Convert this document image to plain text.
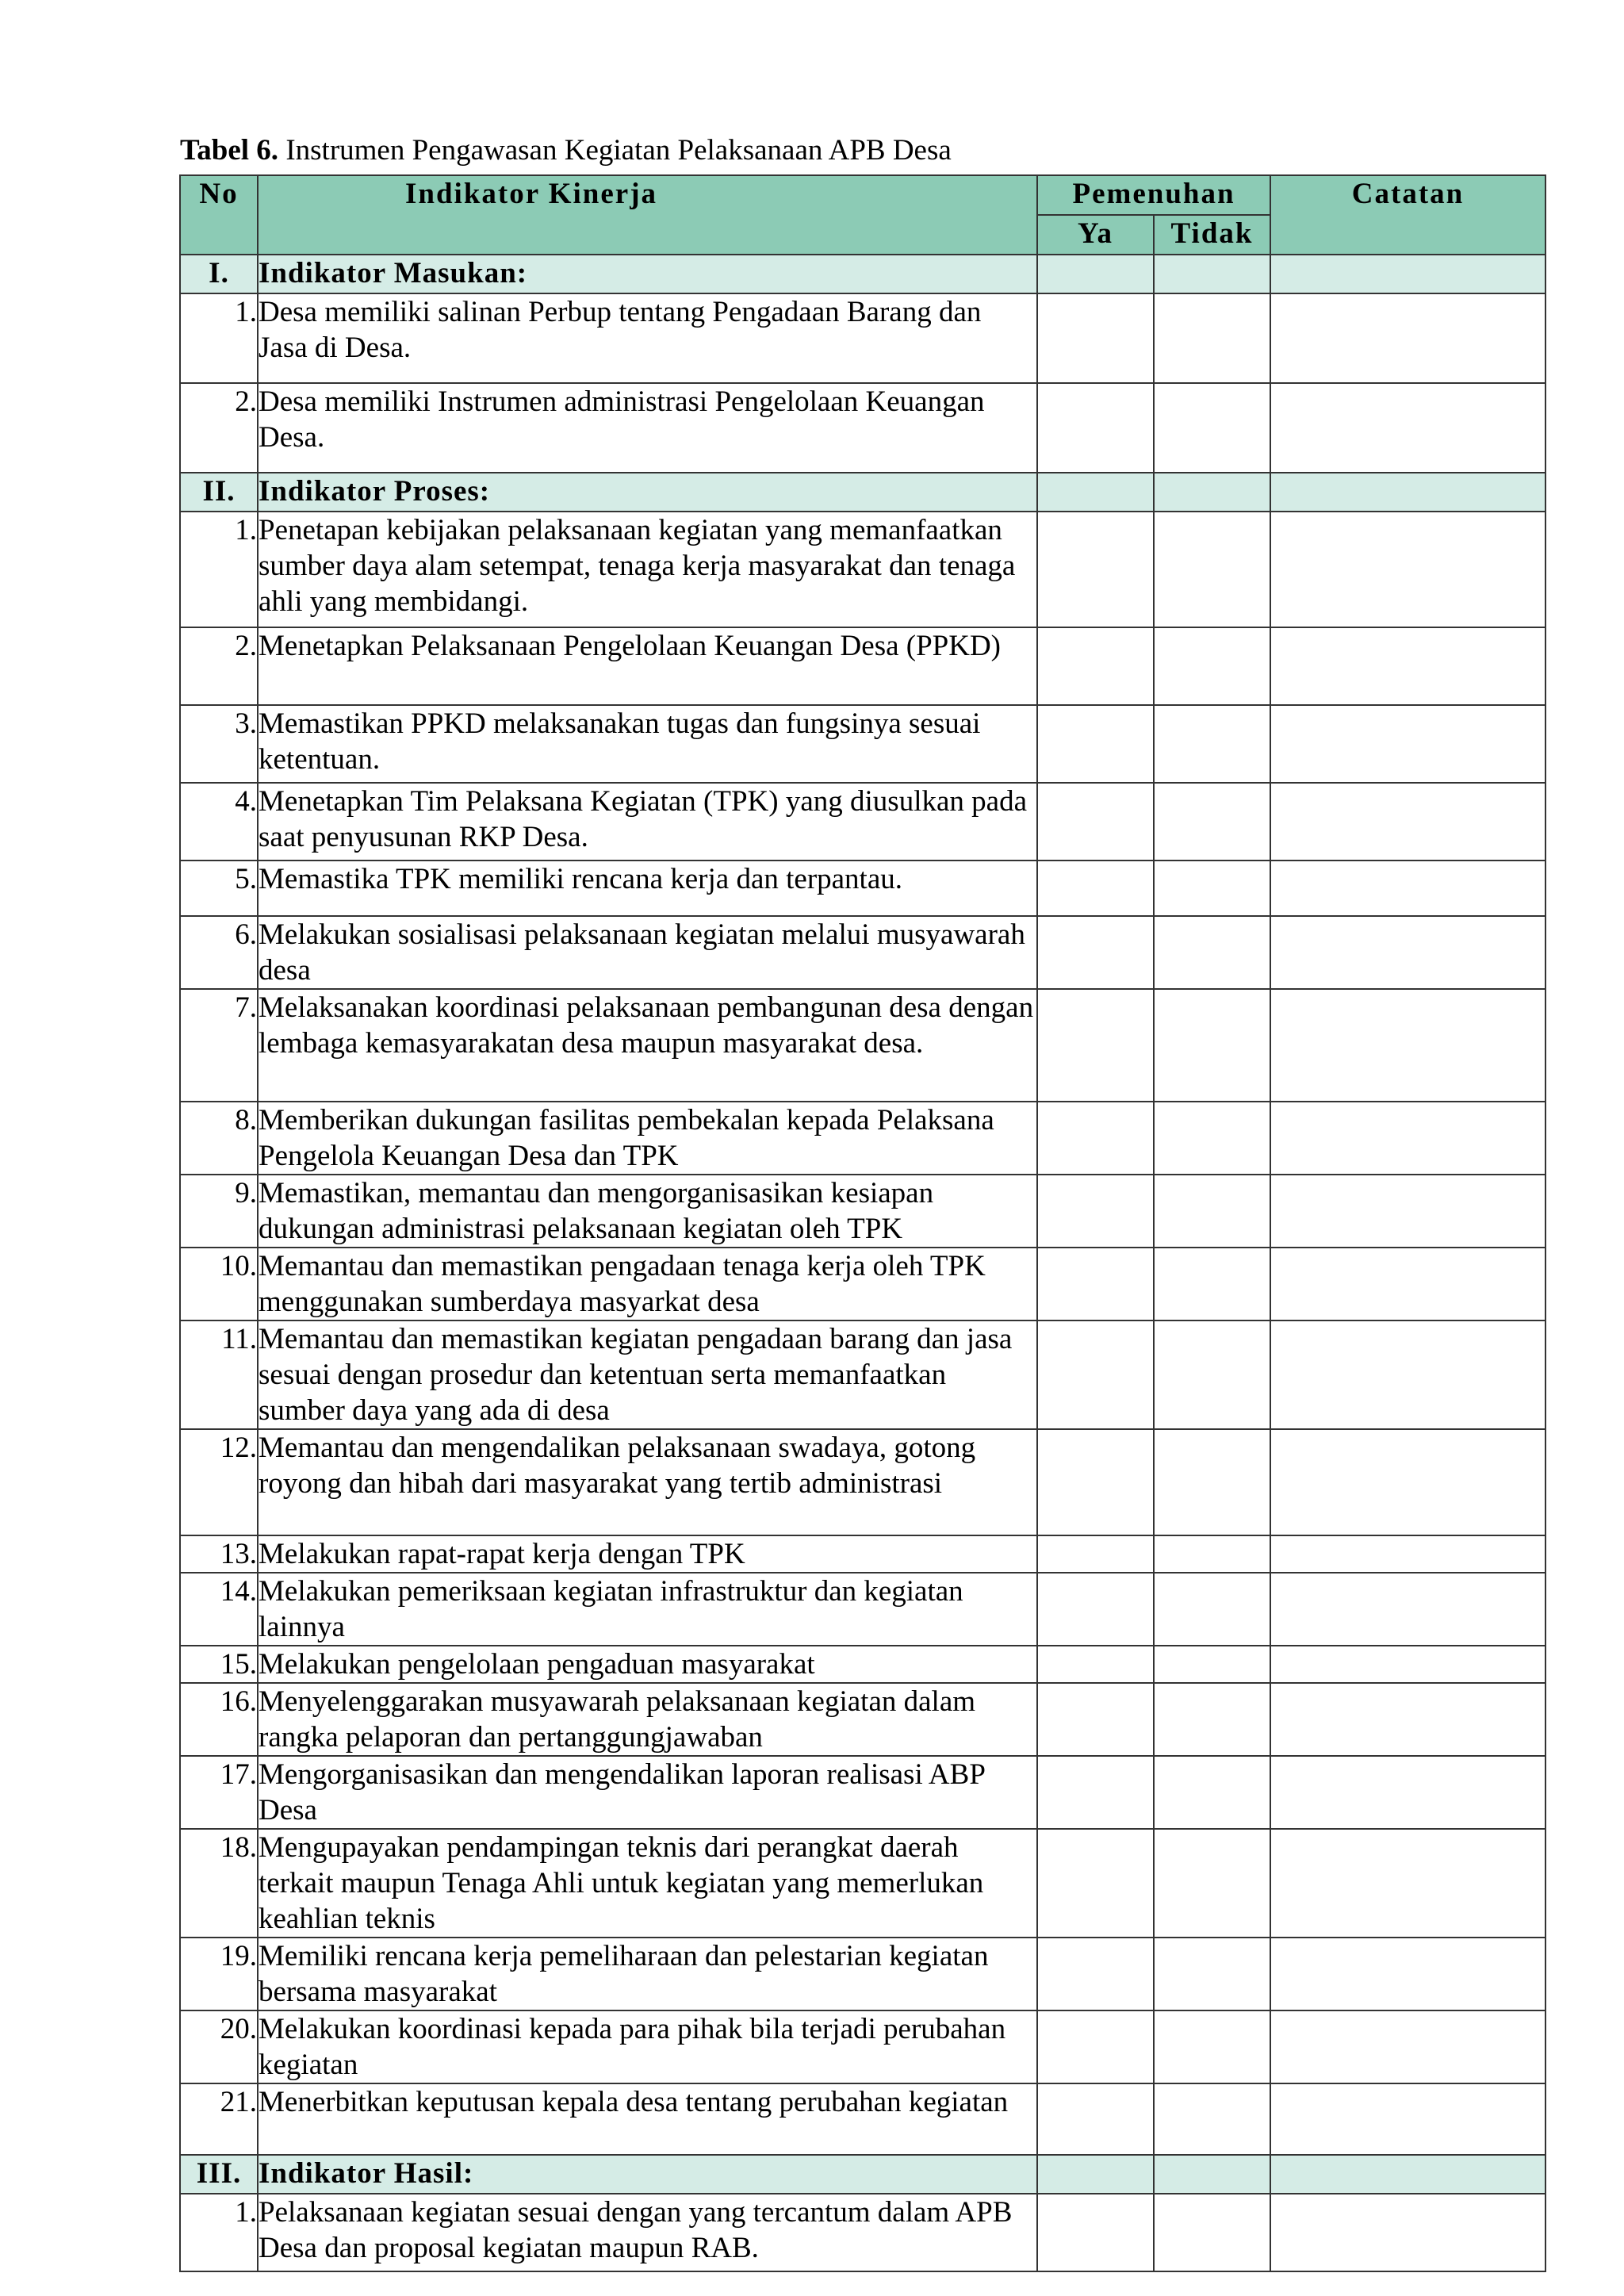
Tabel 6. Instrumen Pengawasan Kegiatan Pelaksanaan APB Desa
No	Indikator Kinerja	Pemenuhan		Catatan
		Ya	Tidak	
I.	Indikator Masukan:			
1.	Desa memiliki salinan Perbup tentang Pengadaan Barang dan Jasa di Desa.			
2.	Desa memiliki Instrumen administrasi Pengelolaan Keuangan Desa.			
II.	Indikator Proses:			
1.	Penetapan kebijakan pelaksanaan kegiatan yang memanfaatkan sumber daya alam setempat, tenaga kerja masyarakat dan tenaga ahli yang membidangi.			
2.	Menetapkan Pelaksanaan Pengelolaan Keuangan Desa (PPKD)			
3.	Memastikan PPKD melaksanakan tugas dan fungsinya sesuai ketentuan.			
4.	Menetapkan Tim Pelaksana Kegiatan (TPK) yang diusulkan pada saat penyusunan RKP Desa.			
5.	Memastika TPK memiliki rencana kerja dan terpantau.			
6.	Melakukan sosialisasi pelaksanaan kegiatan melalui musyawarah desa			
7.	Melaksanakan koordinasi pelaksanaan pembangunan desa dengan lembaga kemasyarakatan desa maupun masyarakat desa.			
8.	Memberikan dukungan fasilitas pembekalan kepada Pelaksana Pengelola Keuangan Desa dan TPK			
9.	Memastikan, memantau dan mengorganisasikan kesiapan dukungan administrasi pelaksanaan kegiatan oleh TPK			
10.	Memantau dan memastikan pengadaan tenaga kerja oleh TPK menggunakan sumberdaya masyarkat desa			
11.	Memantau dan memastikan kegiatan pengadaan barang dan jasa sesuai dengan prosedur dan ketentuan serta memanfaatkan sumber daya yang ada di desa			
12.	Memantau dan mengendalikan pelaksanaan swadaya, gotong royong dan hibah dari masyarakat yang tertib administrasi			
13.	Melakukan rapat-rapat kerja dengan TPK			
14.	Melakukan pemeriksaan kegiatan infrastruktur dan kegiatan lainnya			
15.	Melakukan pengelolaan pengaduan masyarakat			
16.	Menyelenggarakan musyawarah pelaksanaan kegiatan dalam rangka pelaporan dan pertanggungjawaban			
17.	Mengorganisasikan dan mengendalikan laporan realisasi ABP Desa			
18.	Mengupayakan pendampingan teknis dari perangkat daerah terkait maupun Tenaga Ahli untuk kegiatan yang memerlukan keahlian teknis			
19.	Memiliki rencana kerja pemeliharaan dan pelestarian kegiatan bersama masyarakat			
20.	Melakukan koordinasi kepada para pihak bila terjadi perubahan kegiatan			
21.	Menerbitkan keputusan kepala desa tentang perubahan kegiatan			
III.	Indikator Hasil:			
1.	Pelaksanaan kegiatan sesuai dengan yang tercantum dalam APB Desa dan proposal kegiatan maupun RAB.			
